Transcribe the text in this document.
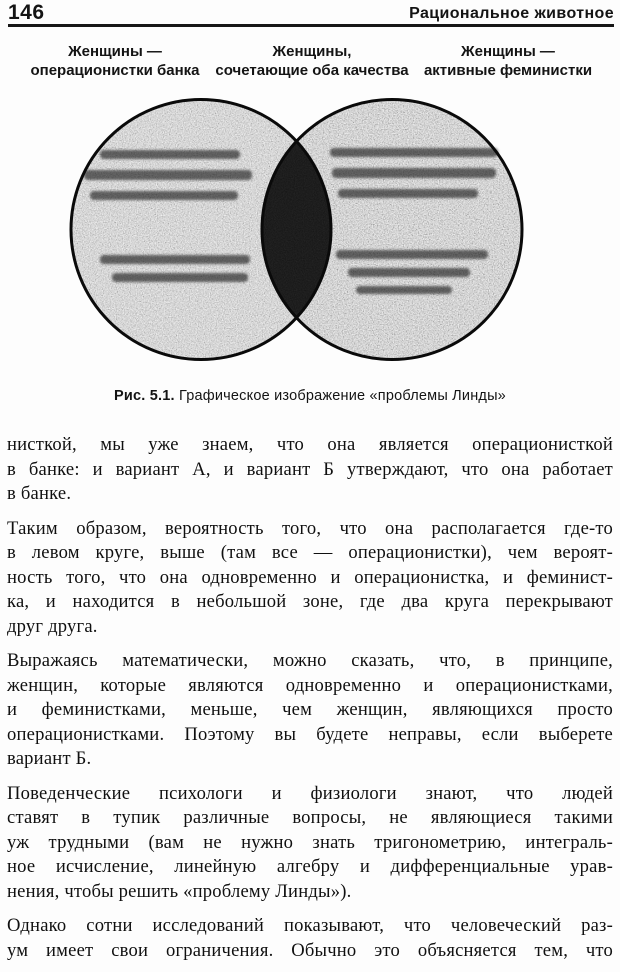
146	Рациональное животное
Женщины —
операционистки банка
Женщины,
сочетающие оба качества
Женщины —
активные феминистки
Рис. 5.1. Графическое изображение «проблемы Линды»
нисткой, мы уже знаем, что она является операционисткой
в банке: и вариант А, и вариант Б утверждают, что она работает
в банке.
Таким образом, вероятность того, что она располагается где-то
в левом круге, выше (там все — операционистки), чем вероят-
ность того, что она одновременно и операционистка, и феминист-
ка, и находится в небольшой зоне, где два круга перекрывают
друг друга.
Выражаясь математически, можно сказать, что, в принципе,
женщин, которые являются одновременно и операционистками,
и феминистками, меньше, чем женщин, являющихся просто
операционистками. Поэтому вы будете неправы, если выберете
вариант Б.
Поведенческие психологи и физиологи знают, что людей
ставят в тупик различные вопросы, не являющиеся такими
уж трудными (вам не нужно знать тригонометрию, интеграль-
ное исчисление, линейную алгебру и дифференциальные урав-
нения, чтобы решить «проблему Линды»).
Однако сотни исследований показывают, что человеческий раз-
ум имеет свои ограничения. Обычно это объясняется тем, что
